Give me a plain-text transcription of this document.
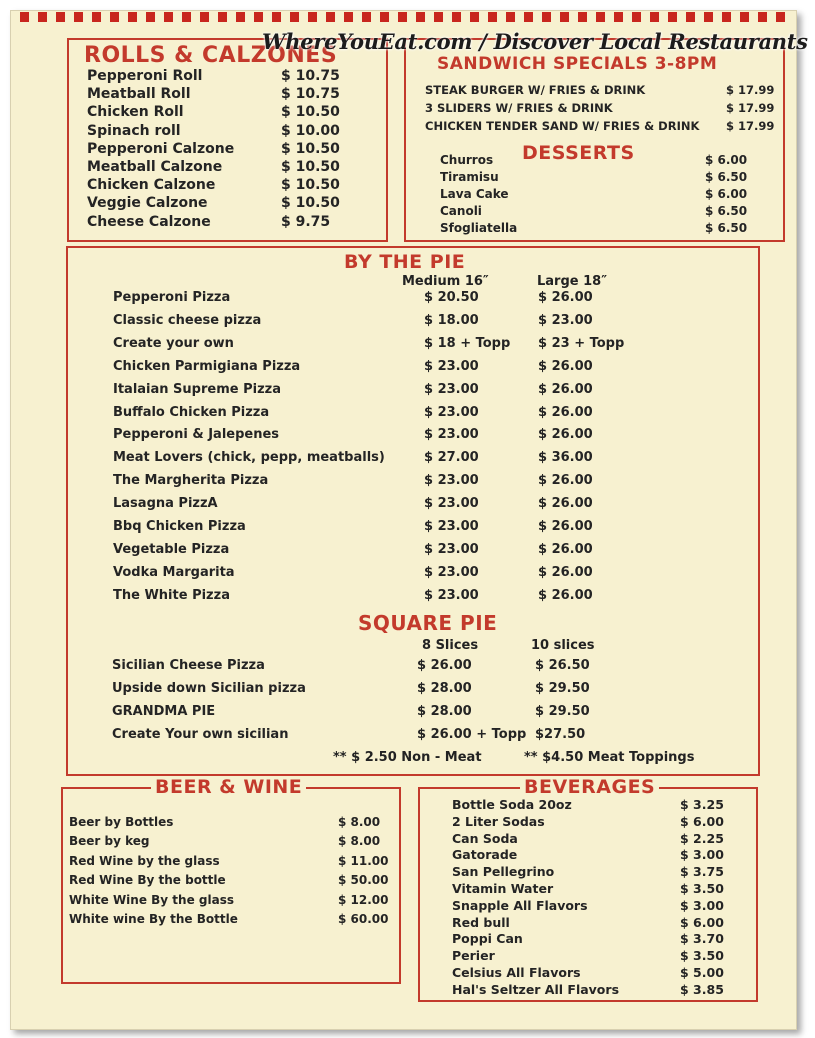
WhereYouEat.com / Discover Local Restaurants
ROLLS & CALZONES
Pepperoni Roll	$ 10.75
Meatball Roll	$ 10.75
Chicken Roll	$ 10.50
Spinach roll	$ 10.00
Pepperoni Calzone	$ 10.50
Meatball Calzone	$ 10.50
Chicken Calzone	$ 10.50
Veggie Calzone	$ 10.50
Cheese Calzone	$ 9.75
SANDWICH SPECIALS 3-8PM
STEAK BURGER W/ FRIES & DRINK	$ 17.99
3 SLIDERS W/ FRIES & DRINK	$ 17.99
CHICKEN TENDER SAND W/ FRIES & DRINK $ 17.99
DESSERTS
Churros	$ 6.00
Tiramisu	$ 6.50
Lava Cake	$ 6.00
Canoli	$ 6.50
Sfogliatella	$ 6.50
BY THE PIE
Medium 16″	Large 18″
Pepperoni Pizza	$ 20.50	$ 26.00
Classic cheese pizza	$ 18.00	$ 23.00
Create your own	$ 18 + Topp $ 23 + Topp
Chicken Parmigiana Pizza	$ 23.00	$ 26.00
Italaian Supreme Pizza	$ 23.00	$ 26.00
Buffalo Chicken Pizza	$ 23.00	$ 26.00
Pepperoni & Jalepenes	$ 23.00	$ 26.00
Meat Lovers (chick, pepp, meatballs)	$ 27.00	$ 36.00
The Margherita Pizza	$ 23.00	$ 26.00
Lasagna PizzA	$ 23.00	$ 26.00
Bbq Chicken Pizza	$ 23.00	$ 26.00
Vegetable Pizza	$ 23.00	$ 26.00
Vodka Margarita	$ 23.00	$ 26.00
The White Pizza	$ 23.00	$ 26.00
SQUARE PIE
8 Slices	10 slices
Sicilian Cheese Pizza	$ 26.00	$ 26.50
Upside down Sicilian pizza	$ 28.00	$ 29.50
GRANDMA PIE	$ 28.00	$ 29.50
Create Your own sicilian	$ 26.00 + Topp $27.50
** $ 2.50 Non - Meat	** $4.50 Meat Toppings
BEER & WINE
Beer by Bottles	$ 8.00
Beer by keg	$ 8.00
Red Wine by the glass	$ 11.00
Red Wine By the bottle	$ 50.00
White Wine By the glass	$ 12.00
White wine By the Bottle	$ 60.00
BEVERAGES
Bottle Soda 20oz	$ 3.25
2 Liter Sodas	$ 6.00
Can Soda	$ 2.25
Gatorade	$ 3.00
San Pellegrino	$ 3.75
Vitamin Water	$ 3.50
Snapple All Flavors	$ 3.00
Red bull	$ 6.00
Poppi Can	$ 3.70
Perier	$ 3.50
Celsius All Flavors	$ 5.00
Hal's Seltzer All Flavors	$ 3.85
